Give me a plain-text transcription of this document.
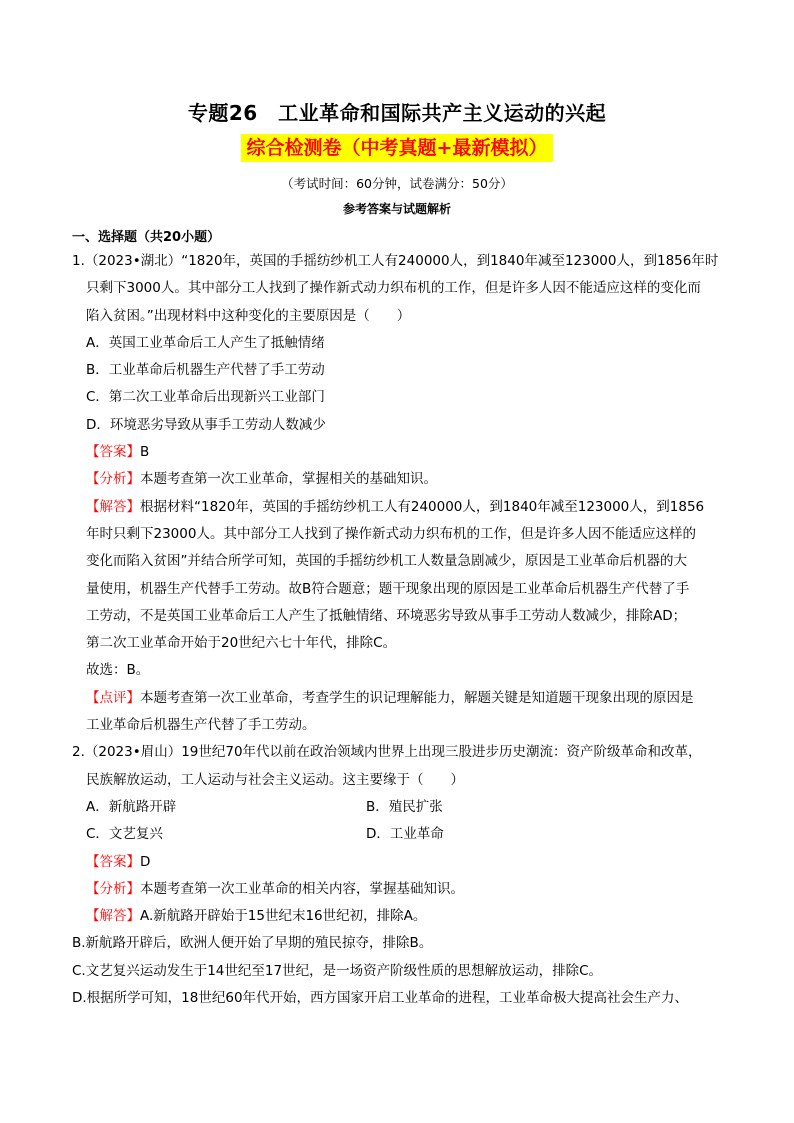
专题26　工业革命和国际共产主义运动的兴起
综合检测卷（中考真题+最新模拟）
（考试时间：60分钟，试卷满分：50分）
参考答案与试题解析
一、选择题（共20小题）
1.（2023•湖北）“1820年，英国的手摇纺纱机工人有240000人，到1840年减至123000人，到1856年时
只剩下3000人。其中部分工人找到了操作新式动力织布机的工作，但是许多人因不能适应这样的变化而
陷入贫困。”出现材料中这种变化的主要原因是（　　）
A．英国工业革命后工人产生了抵触情绪
B．工业革命后机器生产代替了手工劳动
C．第二次工业革命后出现新兴工业部门
D．环境恶劣导致从事手工劳动人数减少
【答案】B
【分析】本题考查第一次工业革命，掌握相关的基础知识。
【解答】根据材料“1820年，英国的手摇纺纱机工人有240000人，到1840年减至123000人，到1856
年时只剩下23000人。其中部分工人找到了操作新式动力织布机的工作，但是许多人因不能适应这样的
变化而陷入贫困”并结合所学可知，英国的手摇纺纱机工人数量急剧减少，原因是工业革命后机器的大
量使用，机器生产代替手工劳动。故B符合题意；题干现象出现的原因是工业革命后机器生产代替了手
工劳动，不是英国工业革命后工人产生了抵触情绪、环境恶劣导致从事手工劳动人数减少，排除AD；
第二次工业革命开始于20世纪六七十年代，排除C。
故选：B。
【点评】本题考查第一次工业革命，考查学生的识记理解能力，解题关键是知道题干现象出现的原因是
工业革命后机器生产代替了手工劳动。
2.（2023•眉山）19世纪70年代以前在政治领域内世界上出现三股进步历史潮流：资产阶级革命和改革，
民族解放运动，工人运动与社会主义运动。这主要缘于（　　）
A．新航路开辟	B．殖民扩张
C．文艺复兴	D．工业革命
【答案】D
【分析】本题考查第一次工业革命的相关内容，掌握基础知识。
【解答】A.新航路开辟始于15世纪末16世纪初，排除A。
B.新航路开辟后，欧洲人便开始了早期的殖民掠夺，排除B。
C.文艺复兴运动发生于14世纪至17世纪，是一场资产阶级性质的思想解放运动，排除C。
D.根据所学可知，18世纪60年代开始，西方国家开启工业革命的进程，工业革命极大提高社会生产力、
